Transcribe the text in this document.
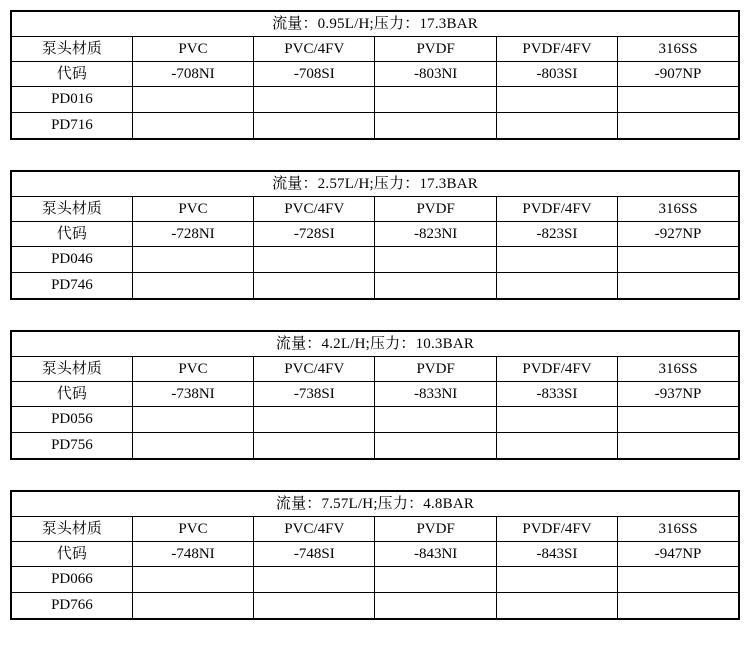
流量：0.95L/H;压力：17.3BAR					
泵头材质	PVC	PVC/4FV	PVDF	PVDF/4FV	316SS
代码	-708NI	-708SI	-803NI	-803SI	-907NP
PD016					
PD716					
流量：2.57L/H;压力：17.3BAR					
泵头材质	PVC	PVC/4FV	PVDF	PVDF/4FV	316SS
代码	-728NI	-728SI	-823NI	-823SI	-927NP
PD046					
PD746					
流量：4.2L/H;压力：10.3BAR					
泵头材质	PVC	PVC/4FV	PVDF	PVDF/4FV	316SS
代码	-738NI	-738SI	-833NI	-833SI	-937NP
PD056					
PD756					
流量：7.57L/H;压力：4.8BAR					
泵头材质	PVC	PVC/4FV	PVDF	PVDF/4FV	316SS
代码	-748NI	-748SI	-843NI	-843SI	-947NP
PD066					
PD766					
